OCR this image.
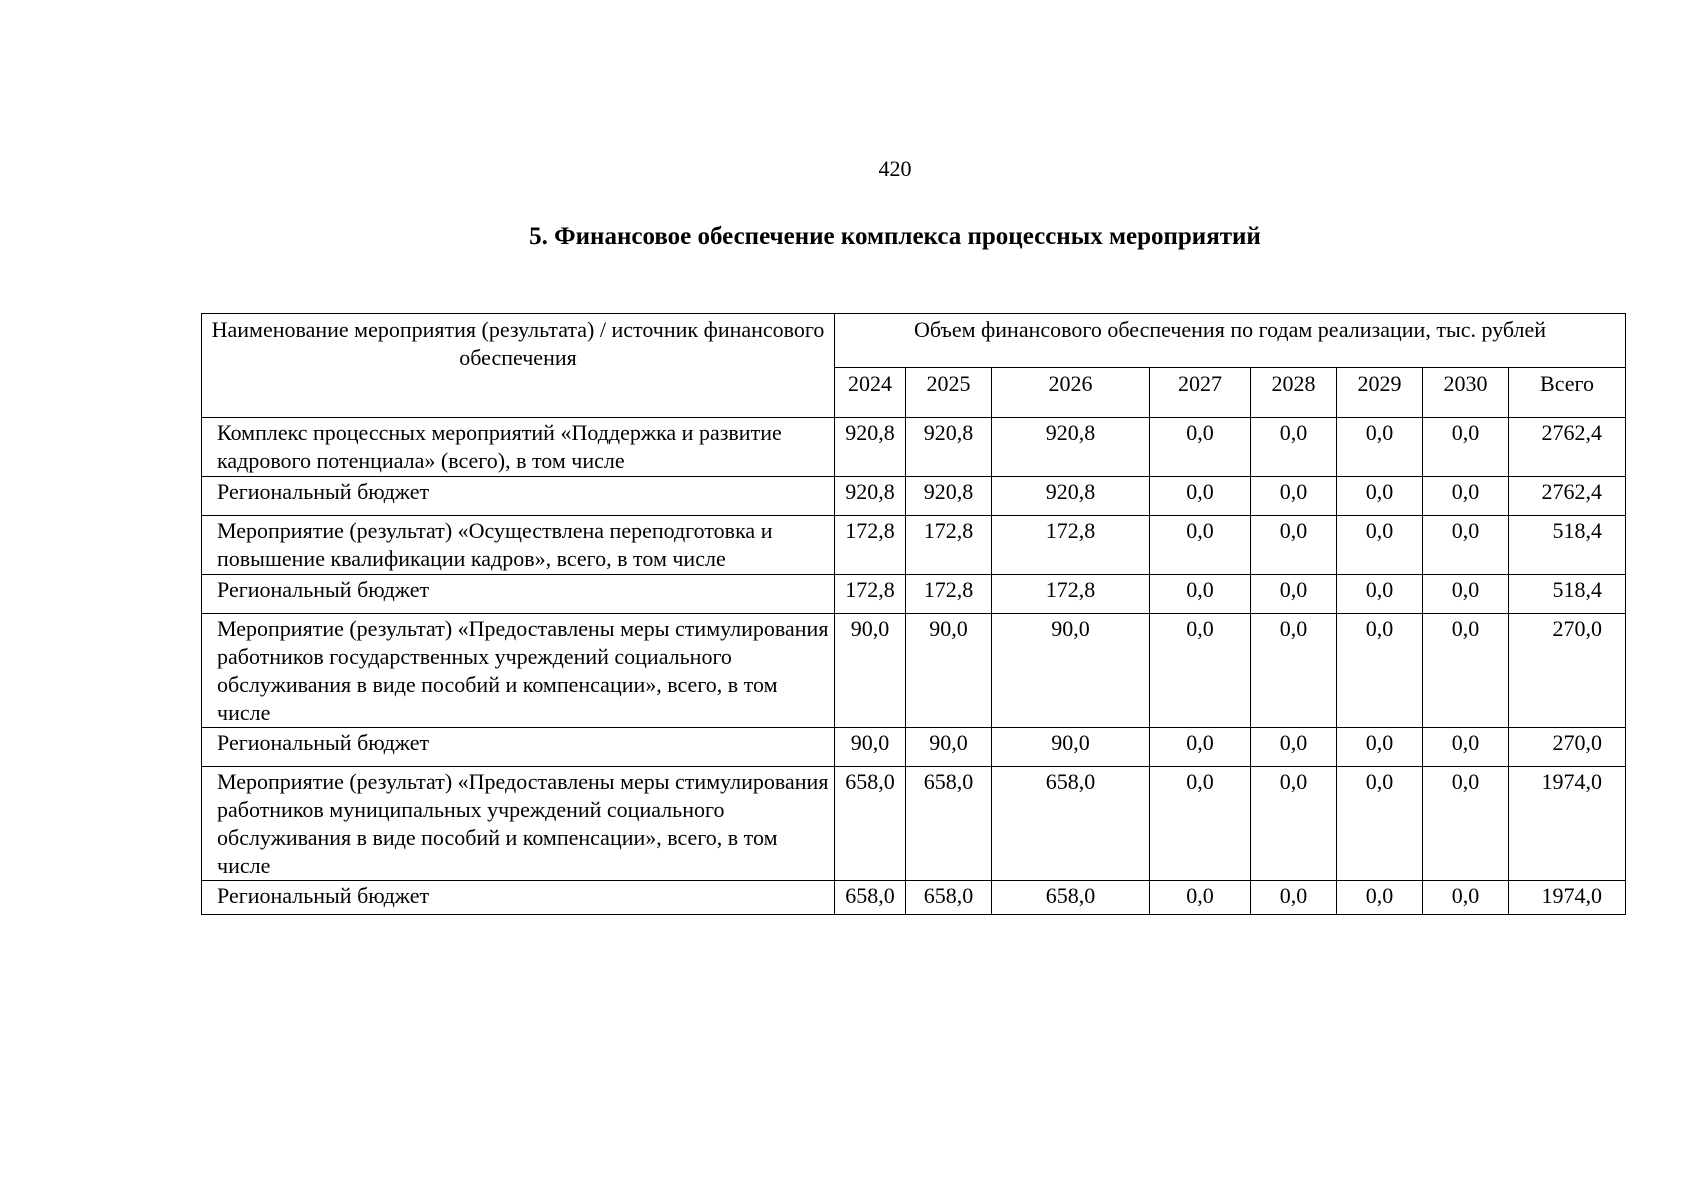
420
5. Финансовое обеспечение комплекса процессных мероприятий
Наименование мероприятия (результата) / источник финансового обеспечения	Объем финансового обеспечения по годам реализации, тыс. рублей							
	2024	2025	2026	2027	2028	2029	2030	Всего
Комплекс процессных мероприятий «Поддержка и развитие кадрового потенциала» (всего), в том числе	920,8	920,8	920,8	0,0	0,0	0,0	0,0	2762,4
Региональный бюджет	920,8	920,8	920,8	0,0	0,0	0,0	0,0	2762,4
Мероприятие (результат) «Осуществлена переподготовка и повышение квалификации кадров», всего, в том числе	172,8	172,8	172,8	0,0	0,0	0,0	0,0	518,4
Региональный бюджет	172,8	172,8	172,8	0,0	0,0	0,0	0,0	518,4
Мероприятие (результат) «Предоставлены меры стимулирования работников государственных учреждений социального обслуживания в виде пособий и компенсации», всего, в том числе	90,0	90,0	90,0	0,0	0,0	0,0	0,0	270,0
Региональный бюджет	90,0	90,0	90,0	0,0	0,0	0,0	0,0	270,0
Мероприятие (результат) «Предоставлены меры стимулирования работников муниципальных учреждений социального обслуживания в виде пособий и компенсации», всего, в том числе	658,0	658,0	658,0	0,0	0,0	0,0	0,0	1974,0
Региональный бюджет	658,0	658,0	658,0	0,0	0,0	0,0	0,0	1974,0
